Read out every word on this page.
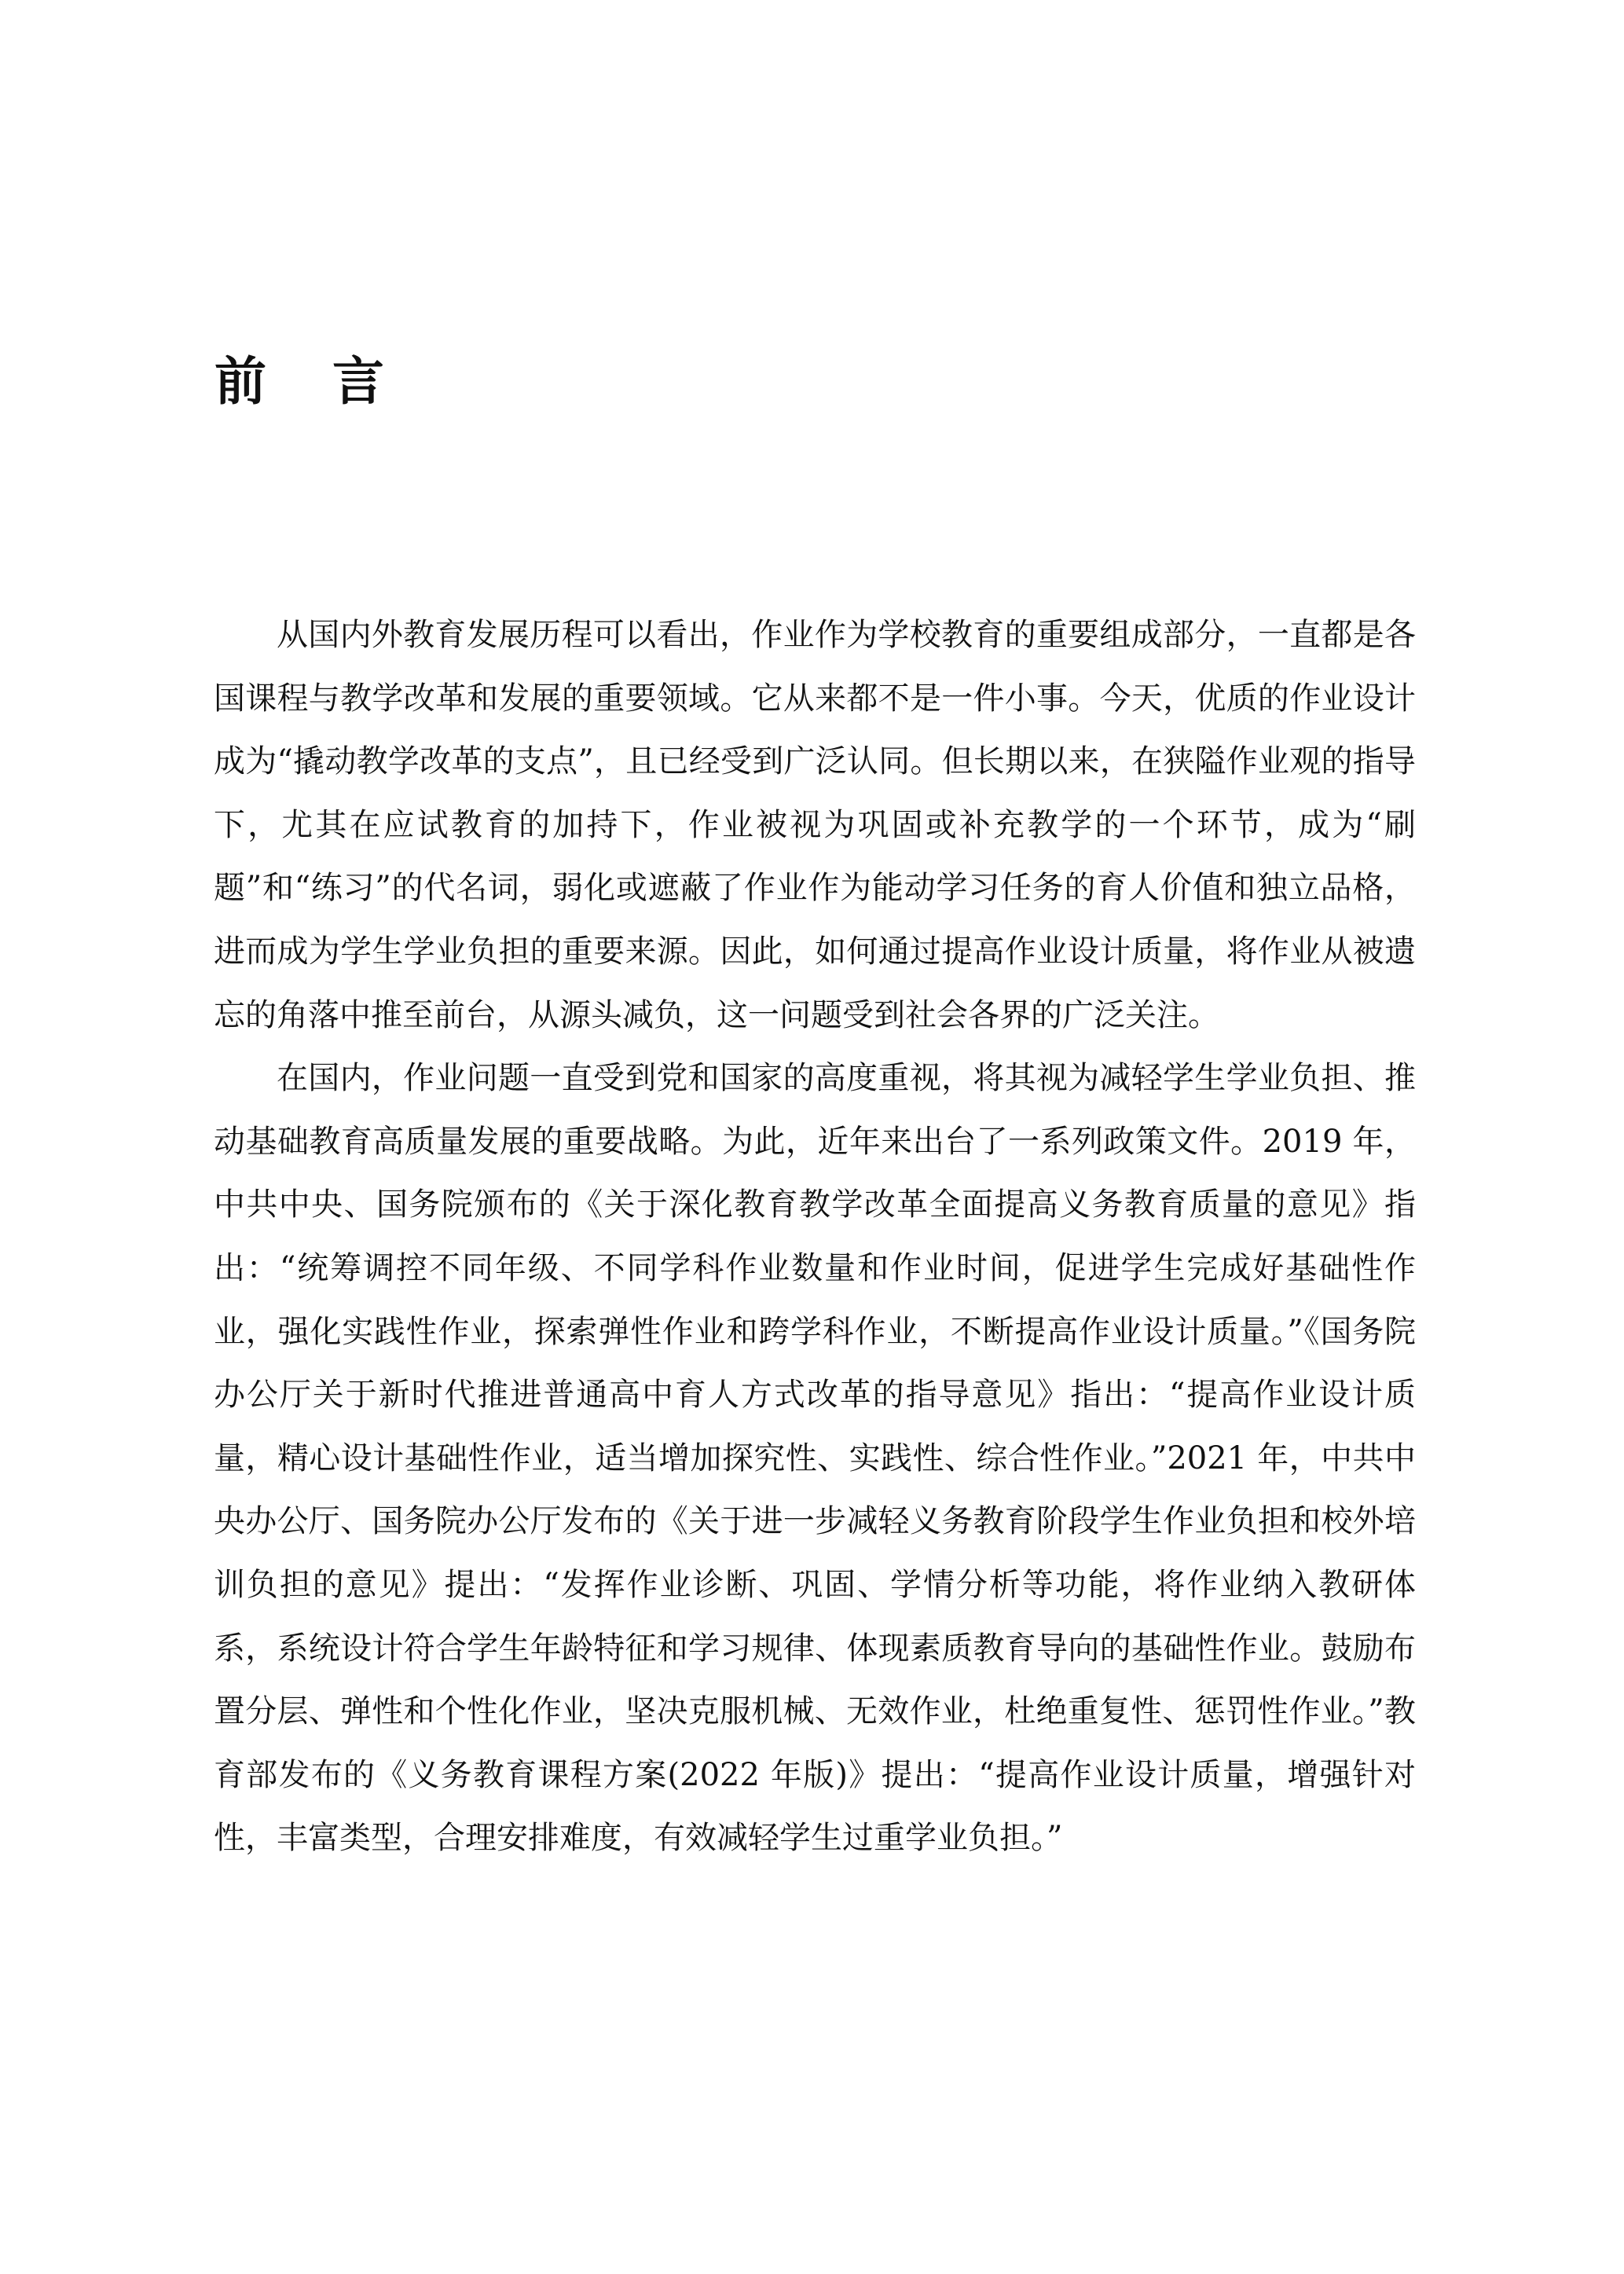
前 言

从国内外教育发展历程可以看出，作业作为学校教育的重要组成部分，一直都是各国课程与教学改革和发展的重要领域。它从来都不是一件小事。今天，优质的作业设计成为“撬动教学改革的支点”，且已经受到广泛认同。但长期以来，在狭隘作业观的指导下，尤其在应试教育的加持下，作业被视为巩固或补充教学的一个环节，成为“刷题”和“练习”的代名词，弱化或遮蔽了作业作为能动学习任务的育人价值和独立品格，进而成为学生学业负担的重要来源。因此，如何通过提高作业设计质量，将作业从被遗忘的角落中推至前台，从源头减负，这一问题受到社会各界的广泛关注。

在国内，作业问题一直受到党和国家的高度重视，将其视为减轻学生学业负担、推动基础教育高质量发展的重要战略。为此，近年来出台了一系列政策文件。2019 年，中共中央、国务院颁布的《关于深化教育教学改革全面提高义务教育质量的意见》指出：“统筹调控不同年级、不同学科作业数量和作业时间，促进学生完成好基础性作业，强化实践性作业，探索弹性作业和跨学科作业，不断提高作业设计质量。”《国务院办公厅关于新时代推进普通高中育人方式改革的指导意见》指出：“提高作业设计质量，精心设计基础性作业，适当增加探究性、实践性、综合性作业。”2021 年，中共中央办公厅、国务院办公厅发布的《关于进一步减轻义务教育阶段学生作业负担和校外培训负担的意见》提出：“发挥作业诊断、巩固、学情分析等功能，将作业纳入教研体系，系统设计符合学生年龄特征和学习规律、体现素质教育导向的基础性作业。鼓励布置分层、弹性和个性化作业，坚决克服机械、无效作业，杜绝重复性、惩罚性作业。”教育部发布的《义务教育课程方案(2022 年版)》提出：“提高作业设计质量，增强针对性，丰富类型，合理安排难度，有效减轻学生过重学业负担。”
